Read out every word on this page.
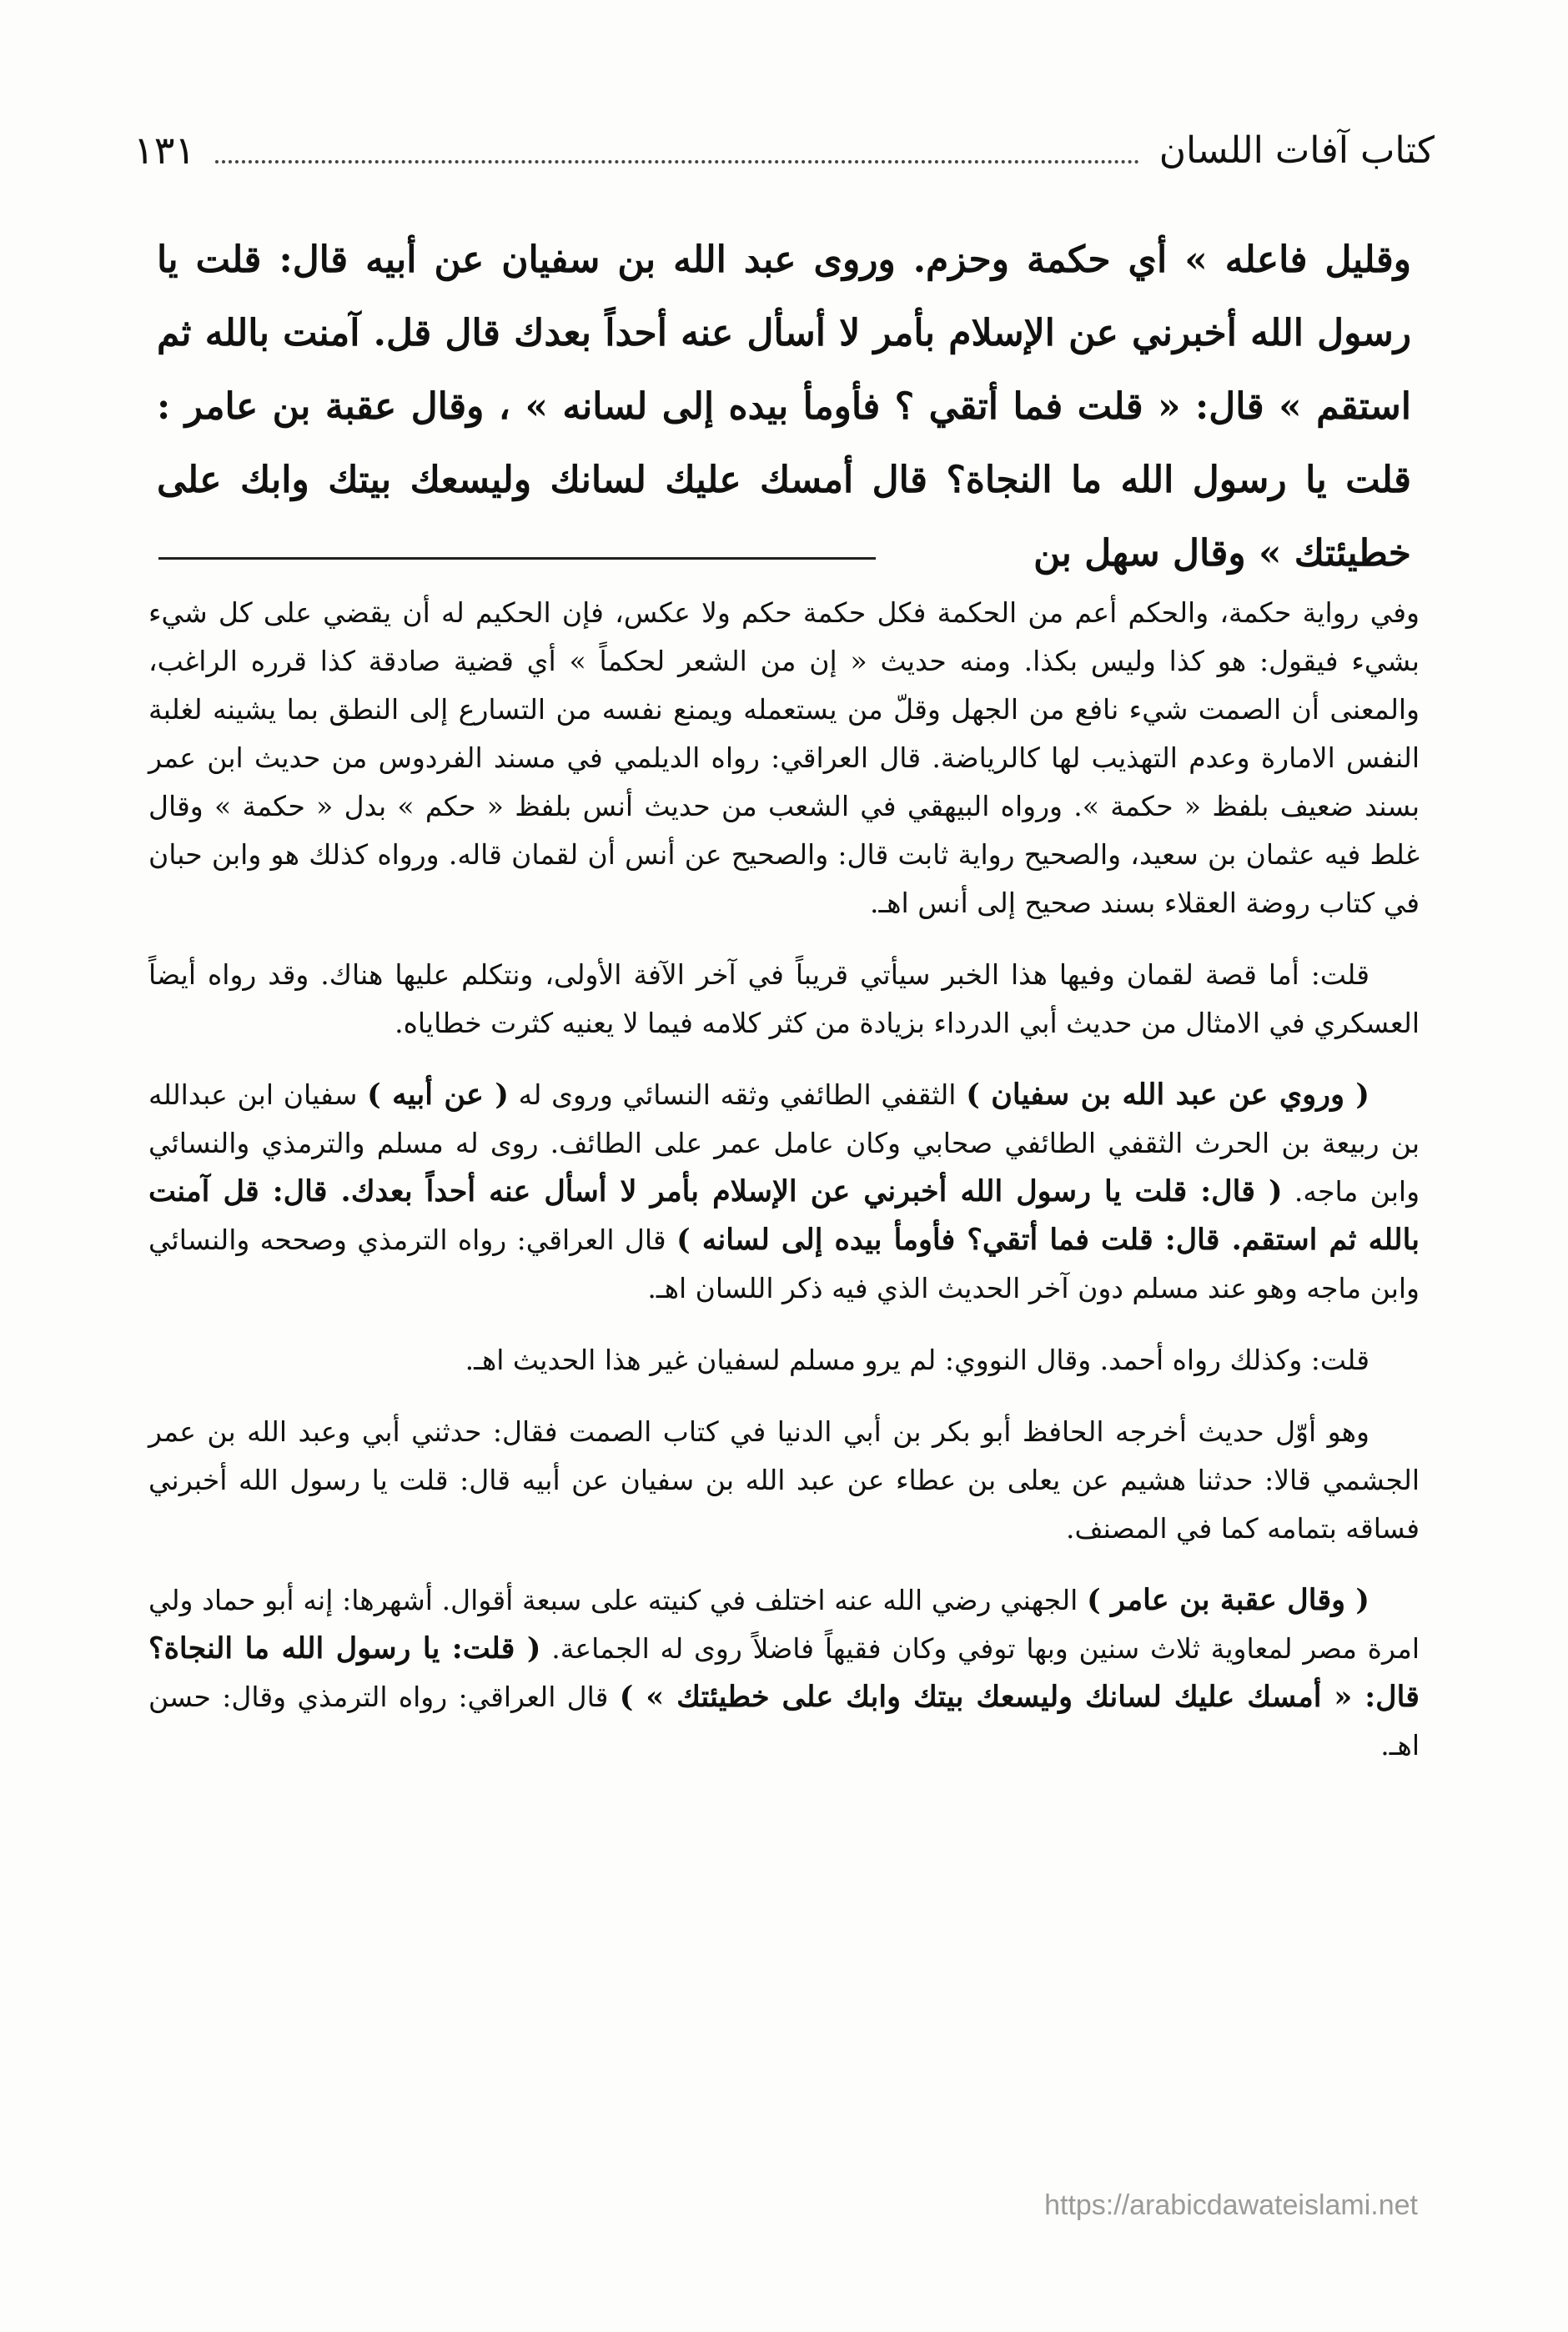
كتاب آفات اللسان
١٣١
وقليل فاعله » أي حكمة وحزم. وروى عبد الله بن سفيان عن أبيه قال: قلت يا رسول الله أخبرني عن الإسلام بأمر لا أسأل عنه أحداً بعدك قال قل. آمنت بالله ثم استقم » قال: « قلت فما أتقي ؟ فأومأ بيده إلى لسانه » ، وقال عقبة بن عامر : قلت يا رسول الله ما النجاة؟ قال أمسك عليك لسانك وليسعك بيتك وابك على خطيئتك » وقال سهل بن

وفي رواية حكمة، والحكم أعم من الحكمة فكل حكمة حكم ولا عكس، فإن الحكيم له أن يقضي على كل شيء بشيء فيقول: هو كذا وليس بكذا. ومنه حديث « إن من الشعر لحكماً » أي قضية صادقة كذا قرره الراغب، والمعنى أن الصمت شيء نافع من الجهل وقلّ من يستعمله ويمنع نفسه من التسارع إلى النطق بما يشينه لغلبة النفس الامارة وعدم التهذيب لها كالرياضة. قال العراقي: رواه الديلمي في مسند الفردوس من حديث ابن عمر بسند ضعيف بلفظ « حكمة ». ورواه البيهقي في الشعب من حديث أنس بلفظ « حكم » بدل « حكمة » وقال غلط فيه عثمان بن سعيد، والصحيح رواية ثابت قال: والصحيح عن أنس أن لقمان قاله. ورواه كذلك هو وابن حبان في كتاب روضة العقلاء بسند صحيح إلى أنس اهـ.

قلت: أما قصة لقمان وفيها هذا الخبر سيأتي قريباً في آخر الآفة الأولى، ونتكلم عليها هناك. وقد رواه أيضاً العسكري في الامثال من حديث أبي الدرداء بزيادة من كثر كلامه فيما لا يعنيه كثرت خطاياه.

( وروي عن عبد الله بن سفيان ) الثقفي الطائفي وثقه النسائي وروى له ( عن أبيه ) سفيان ابن عبدالله بن ربيعة بن الحرث الثقفي الطائفي صحابي وكان عامل عمر على الطائف. روى له مسلم والترمذي والنسائي وابن ماجه. ( قال: قلت يا رسول الله أخبرني عن الإسلام بأمر لا أسأل عنه أحداً بعدك. قال: قل آمنت بالله ثم استقم. قال: قلت فما أتقي؟ فأومأ بيده إلى لسانه ) قال العراقي: رواه الترمذي وصححه والنسائي وابن ماجه وهو عند مسلم دون آخر الحديث الذي فيه ذكر اللسان اهـ.

قلت: وكذلك رواه أحمد. وقال النووي: لم يرو مسلم لسفيان غير هذا الحديث اهـ.

وهو أوّل حديث أخرجه الحافظ أبو بكر بن أبي الدنيا في كتاب الصمت فقال: حدثني أبي وعبد الله بن عمر الجشمي قالا: حدثنا هشيم عن يعلى بن عطاء عن عبد الله بن سفيان عن أبيه قال: قلت يا رسول الله أخبرني فساقه بتمامه كما في المصنف.

( وقال عقبة بن عامر ) الجهني رضي الله عنه اختلف في كنيته على سبعة أقوال. أشهرها: إنه أبو حماد ولي امرة مصر لمعاوية ثلاث سنين وبها توفي وكان فقيهاً فاضلاً روى له الجماعة. ( قلت: يا رسول الله ما النجاة؟ قال: « أمسك عليك لسانك وليسعك بيتك وابك على خطيئتك » ) قال العراقي: رواه الترمذي وقال: حسن اهـ.

https://arabicdawateislami.net
